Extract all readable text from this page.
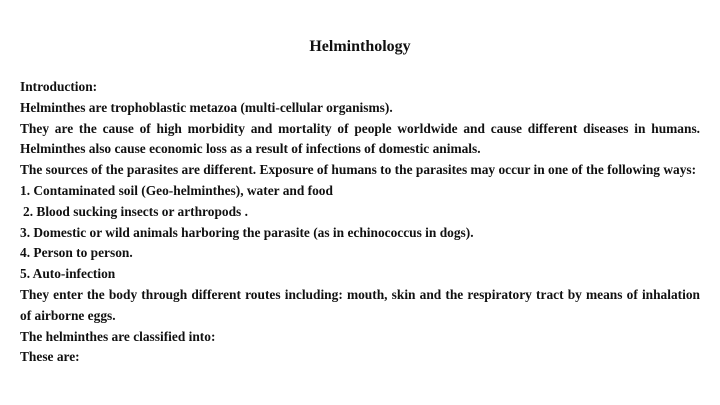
Helminthology

Introduction:

Helminthes are trophoblastic metazoa (multi-cellular organisms).

They are the cause of high morbidity and mortality of people worldwide and cause different diseases in humans. Helminthes also cause economic loss as a result of infections of domestic animals.

The sources of the parasites are different. Exposure of humans to the parasites may occur in one of the following ways:

1. Contaminated soil (Geo-helminthes), water and food

2. Blood sucking insects or arthropods .

3. Domestic or wild animals harboring the parasite (as in echinococcus in dogs).

4. Person to person.

5. Auto-infection

They enter the body through different routes including: mouth, skin and the respiratory tract by means of inhalation of airborne eggs.

The helminthes are classified into:

These are:
